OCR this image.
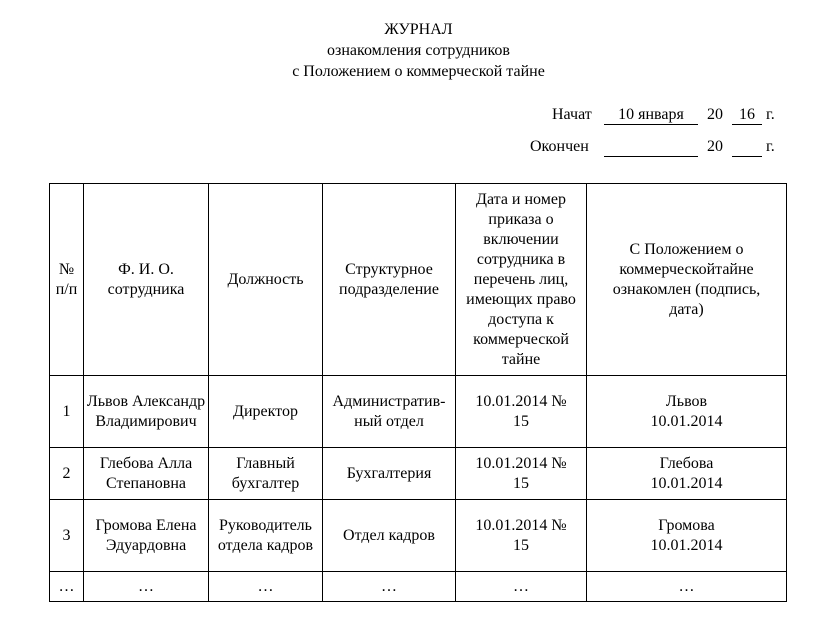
ЖУРНАЛ
ознакомления сотрудников
с Положением о коммерческой тайне
Начат	10 января	20	16 г.
Окончен	20	г.
№ п/п	Ф. И. О. сотрудника	Должность	Структурное подразделение	Дата и номер приказа о включении сотрудника в перечень лиц, имеющих право доступа к коммерческой тайне	С Положением о коммерческойтайне ознакомлен (подпись, дата)
1	Львов Александр Владимирович	Директор	Административ-ный отдел	10.01.2014 № 15	Львов 10.01.2014
2	Глебова Алла Степановна	Главный бухгалтер	Бухгалтерия	10.01.2014 № 15	Глебова 10.01.2014
3	Громова Елена Эдуардовна	Руководитель отдела кадров	Отдел кадров	10.01.2014 № 15	Громова 10.01.2014
…	…	…	…	…	…
